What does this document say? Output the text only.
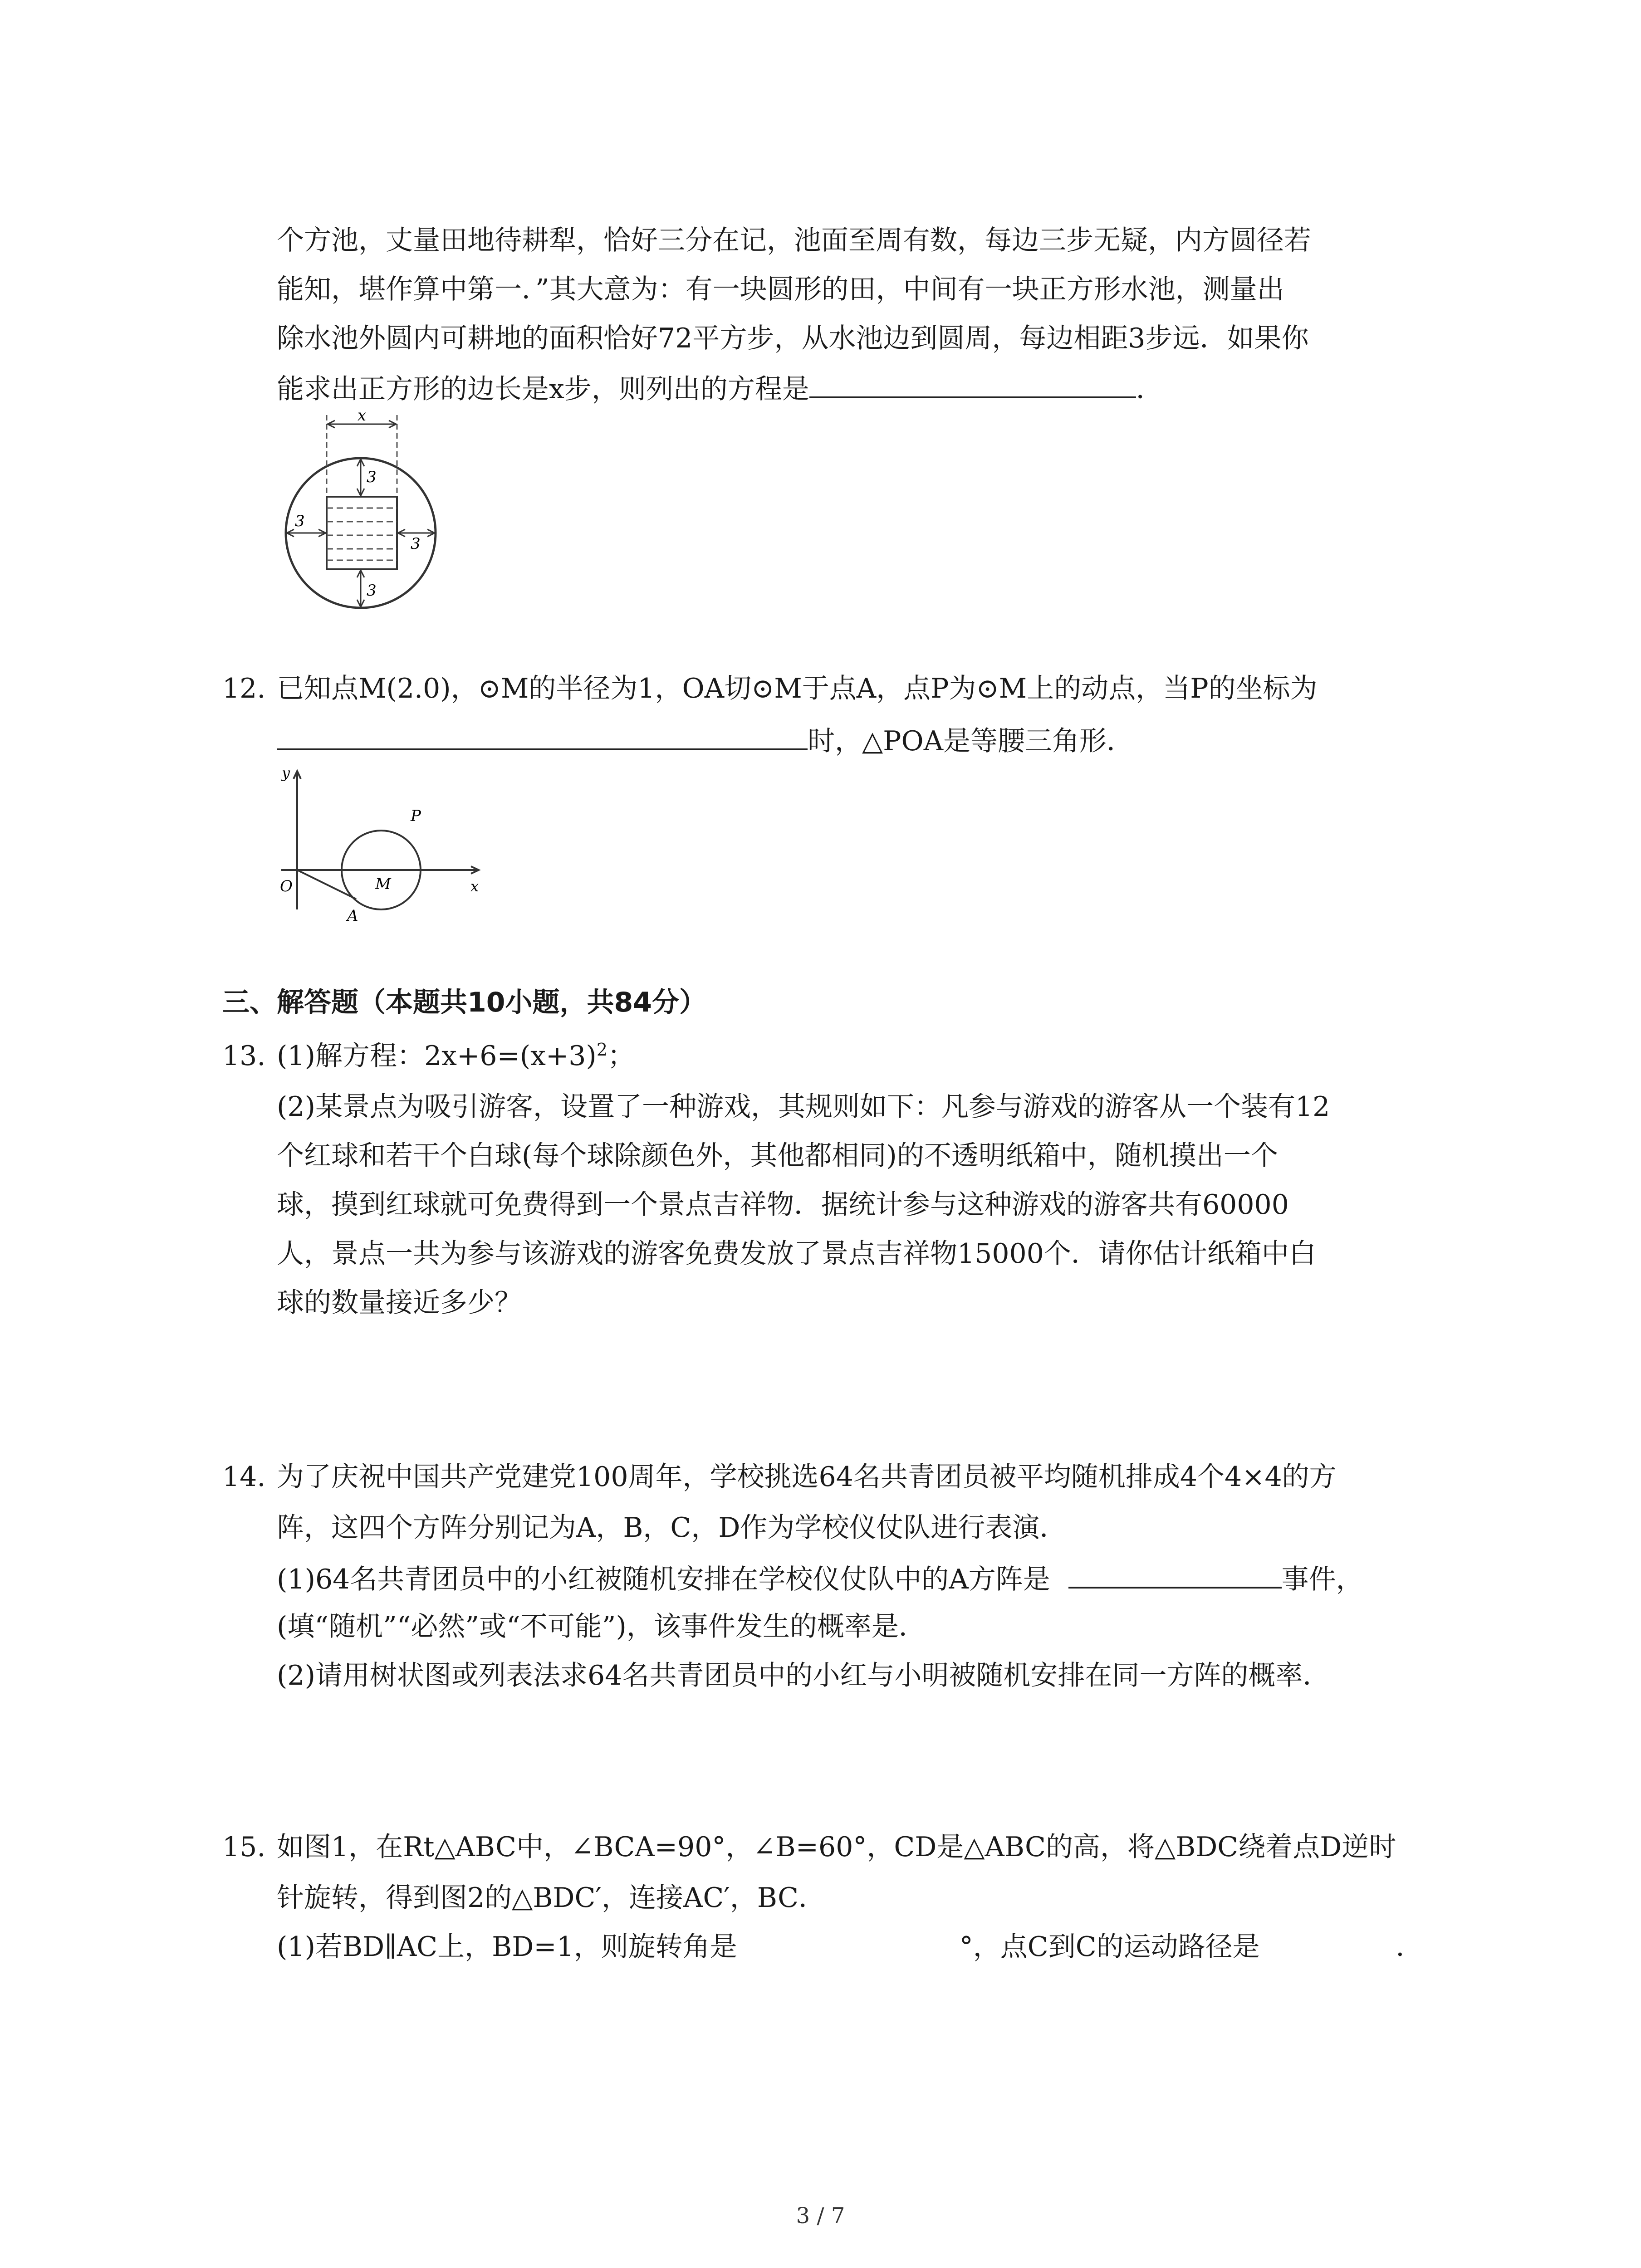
个方池，丈量田地待耕犁，恰好三分在记，池面至周有数，每边三步无疑，内方圆径若
能知，堪作算中第一．”其大意为：有一块圆形的田，中间有一块正方形水池，测量出
除水池外圆内可耕地的面积恰好72平方步，从水池边到圆周，每边相距3步远．如果你
能求出正方形的边长是x步，则列出的方程是	．
x
3
3
3
3
12. 已知点M(2.0)，⊙M的半径为1，OA切⊙M于点A，点P为⊙M上的动点，当P的坐标为
时，△POA是等腰三角形．
y
x
O	M
P
A
三、解答题（本题共10小题，共84分）
13. (1)解方程：$2x+6=(x+3)^2$；
(2)某景点为吸引游客，设置了一种游戏，其规则如下：凡参与游戏的游客从一个装有12
个红球和若干个白球(每个球除颜色外，其他都相同)的不透明纸箱中，随机摸出一个
球，摸到红球就可免费得到一个景点吉祥物．据统计参与这种游戏的游客共有60000
人，景点一共为参与该游戏的游客免费发放了景点吉祥物15000个．请你估计纸箱中白
球的数量接近多少？
14. 为了庆祝中国共产党建党100周年，学校挑选64名共青团员被平均随机排成4个4×4的方
阵，这四个方阵分别记为A，B，C，D作为学校仪仗队进行表演．
(1)64名共青团员中的小红被随机安排在学校仪仗队中的A方阵是	事件，
(填“随机”“必然”或“不可能”)，该事件发生的概率是．
(2)请用树状图或列表法求64名共青团员中的小红与小明被随机安排在同一方阵的概率．
15. 如图1，在Rt△ABC中，∠BCA=90°，∠B=60°，CD是△ABC的高，将△BDC绕着点D逆时
针旋转，得到图2的△BDC′，连接AC′，BC．
(1)若BD∥AC上，BD=1，则旋转角是	°，点C到C的运动路径是	．
3 / 7
